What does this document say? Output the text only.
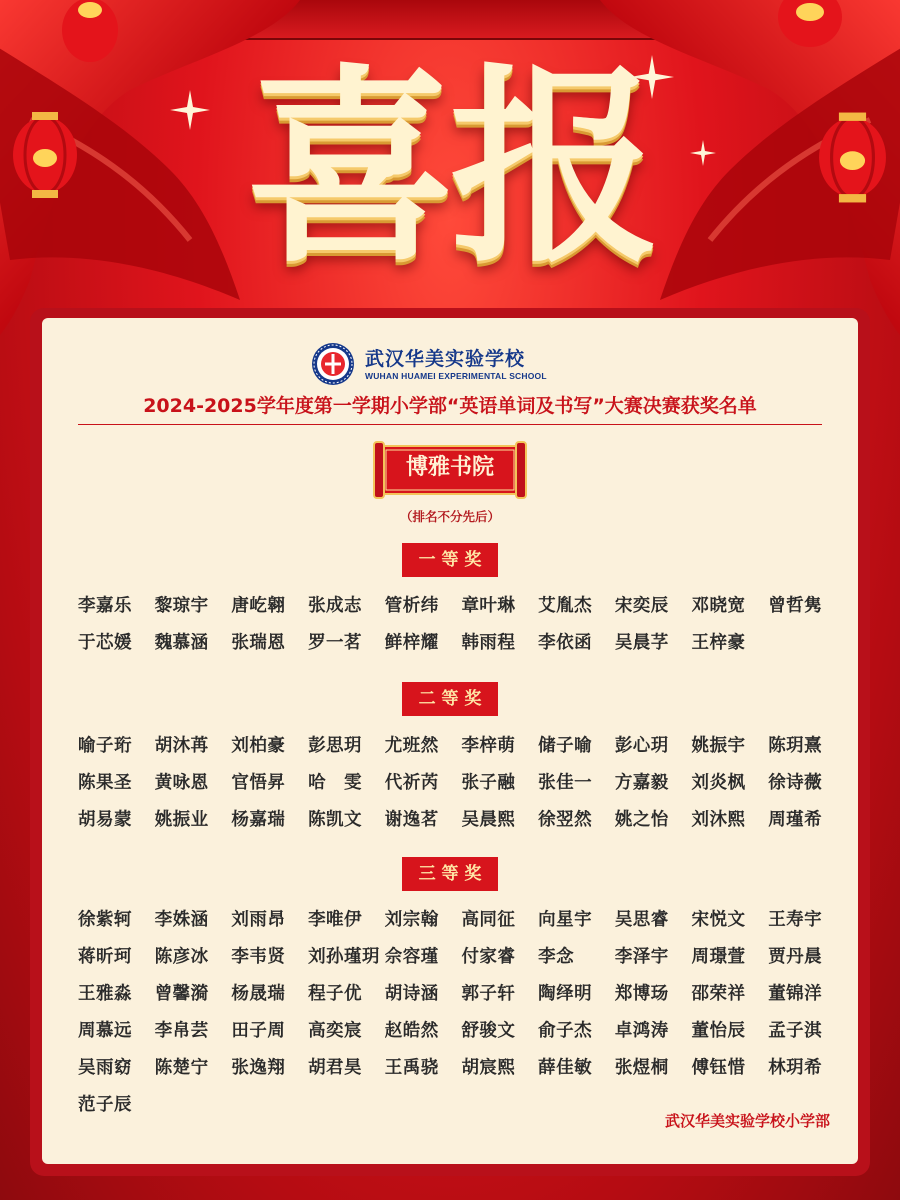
喜报
武汉华美实验学校
WUHAN HUAMEI EXPERIMENTAL SCHOOL
2024-2025学年度第一学期小学部“英语单词及书写”大赛决赛获奖名单
博雅书院
（排名不分先后）
一 等 奖
二 等 奖
三 等 奖
李嘉乐	黎琼宇	唐屹翱	张成志	管析纬	章叶琳	艾胤杰	宋奕辰	邓晓宽	曾哲隽
于芯媛	魏慕涵	张瑞恩	罗一茗	鲜梓耀	韩雨程	李依函	吴晨芓	王梓豪
喻子珩	胡沐苒	刘柏豪	彭思玥	尤班然	李梓萌	储子喻	彭心玥	姚振宇	陈玥熹
陈果圣	黄咏恩	官悟昇	哈　雯	代祈芮	张子融	张佳一	方嘉毅	刘炎枫	徐诗薇
胡易蒙	姚振业	杨嘉瑞	陈凯文	谢逸茗	吴晨熙	徐翌然	姚之怡	刘沐熙	周瑾希
徐紫轲	李姝涵	刘雨昂	李唯伊	刘宗翰	高同征	向星宇	吴思睿	宋悦文	王寿宇
蒋昕珂	陈彦冰	李韦贤	刘孙瑾玥 佘容瑾	付家睿	李念	李泽宇	周璟萱	贾丹晨
王雅淼	曾馨漪	杨晟瑞	程子优	胡诗涵	郭子轩	陶绎明	郑博玚	邵荣祥	董锦洋
周慕远	李帛芸	田子周	高奕宸	赵皓然	舒骏文	俞子杰	卓鸿涛	董怡辰	孟子淇
吴雨窈	陈楚宁	张逸翔	胡君昊	王禹骁	胡宸熙	薛佳敏	张煜桐	傅钰惜	林玥希
范子辰
武汉华美实验学校小学部
